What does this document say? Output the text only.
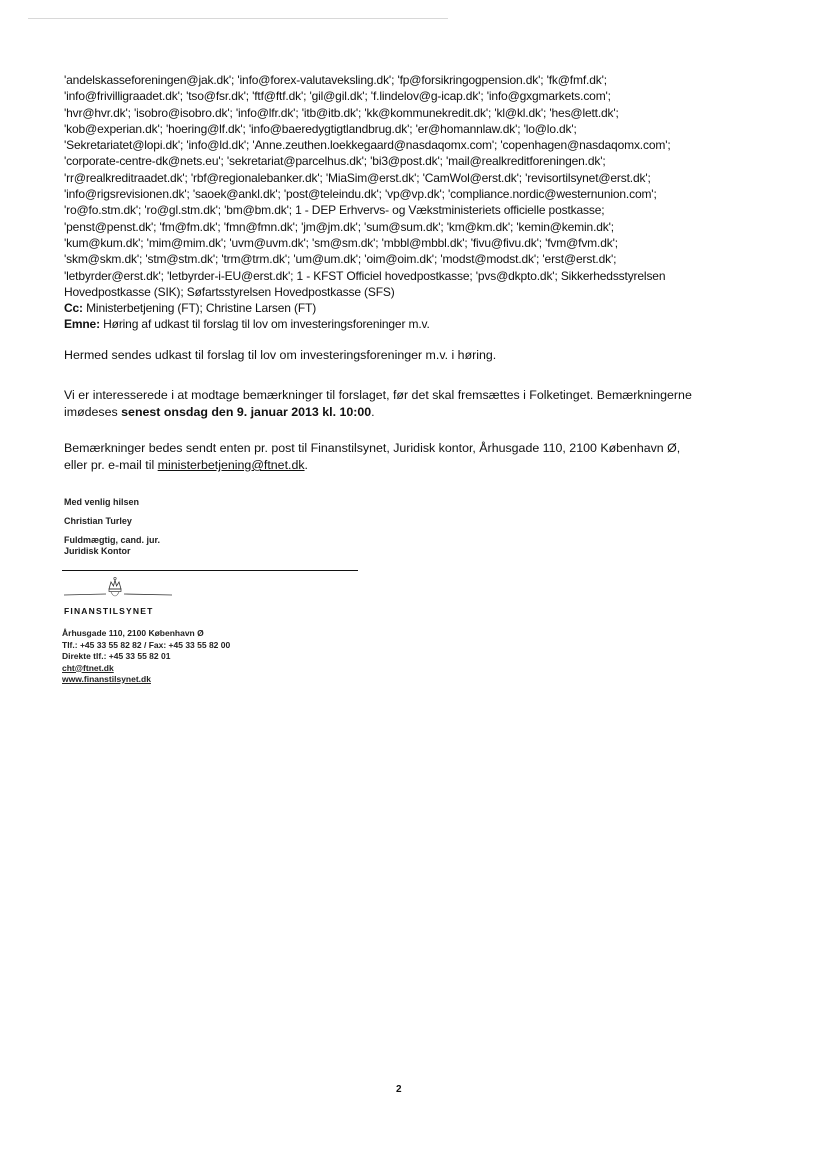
'andelskasseforeningen@jak.dk'; 'info@forex-valutaveksling.dk'; 'fp@forsikringogpension.dk'; 'fk@fmf.dk';
'info@frivilligraadet.dk'; 'tso@fsr.dk'; 'ftf@ftf.dk'; 'gil@gil.dk'; 'f.lindelov@g-icap.dk'; 'info@gxgmarkets.com';
'hvr@hvr.dk'; 'isobro@isobro.dk'; 'info@lfr.dk'; 'itb@itb.dk'; 'kk@kommunekredit.dk'; 'kl@kl.dk'; 'hes@lett.dk';
'kob@experian.dk'; 'hoering@lf.dk'; 'info@baeredygtigtlandbrug.dk'; 'er@homannlaw.dk'; 'lo@lo.dk';
'Sekretariatet@lopi.dk'; 'info@ld.dk'; 'Anne.zeuthen.loekkegaard@nasdaqomx.com'; 'copenhagen@nasdaqomx.com';
'corporate-centre-dk@nets.eu'; 'sekretariat@parcelhus.dk'; 'bi3@post.dk'; 'mail@realkreditforeningen.dk';
'rr@realkreditraadet.dk'; 'rbf@regionalebanker.dk'; 'MiaSim@erst.dk'; 'CamWol@erst.dk'; 'revisortilsynet@erst.dk';
'info@rigsrevisionen.dk'; 'saoek@ankl.dk'; 'post@teleindu.dk'; 'vp@vp.dk'; 'compliance.nordic@westernunion.com';
'ro@fo.stm.dk'; 'ro@gl.stm.dk'; 'bm@bm.dk'; 1 - DEP Erhvervs- og Vækstministeriets officielle postkasse;
'penst@penst.dk'; 'fm@fm.dk'; 'fmn@fmn.dk'; 'jm@jm.dk'; 'sum@sum.dk'; 'km@km.dk'; 'kemin@kemin.dk';
'kum@kum.dk'; 'mim@mim.dk'; 'uvm@uvm.dk'; 'sm@sm.dk'; 'mbbl@mbbl.dk'; 'fivu@fivu.dk'; 'fvm@fvm.dk';
'skm@skm.dk'; 'stm@stm.dk'; 'trm@trm.dk'; 'um@um.dk'; 'oim@oim.dk'; 'modst@modst.dk'; 'erst@erst.dk';
'letbyrder@erst.dk'; 'letbyrder-i-EU@erst.dk'; 1 - KFST Officiel hovedpostkasse; 'pvs@dkpto.dk'; Sikkerhedsstyrelsen
Hovedpostkasse (SIK); Søfartsstyrelsen Hovedpostkasse (SFS)
Cc: Ministerbetjening (FT); Christine Larsen (FT)
Emne: Høring af udkast til forslag til lov om investeringsforeninger m.v.
Hermed sendes udkast til forslag til lov om investeringsforeninger m.v. i høring.
Vi er interesserede i at modtage bemærkninger til forslaget, før det skal fremsættes i Folketinget. Bemærkningerne
imødeses senest onsdag den 9. januar 2013 kl. 10:00.
Bemærkninger bedes sendt enten pr. post til Finanstilsynet, Juridisk kontor, Århusgade 110, 2100 København Ø,
eller pr. e-mail til ministerbetjening@ftnet.dk.
Med venlig hilsen
Christian Turley
Fuldmægtig, cand. jur.
Juridisk Kontor
FINANSTILSYNET
Århusgade 110, 2100 København Ø
Tlf.: +45 33 55 82 82 / Fax: +45 33 55 82 00
Direkte tlf.: +45 33 55 82 01
cht@ftnet.dk
www.finanstilsynet.dk
2
